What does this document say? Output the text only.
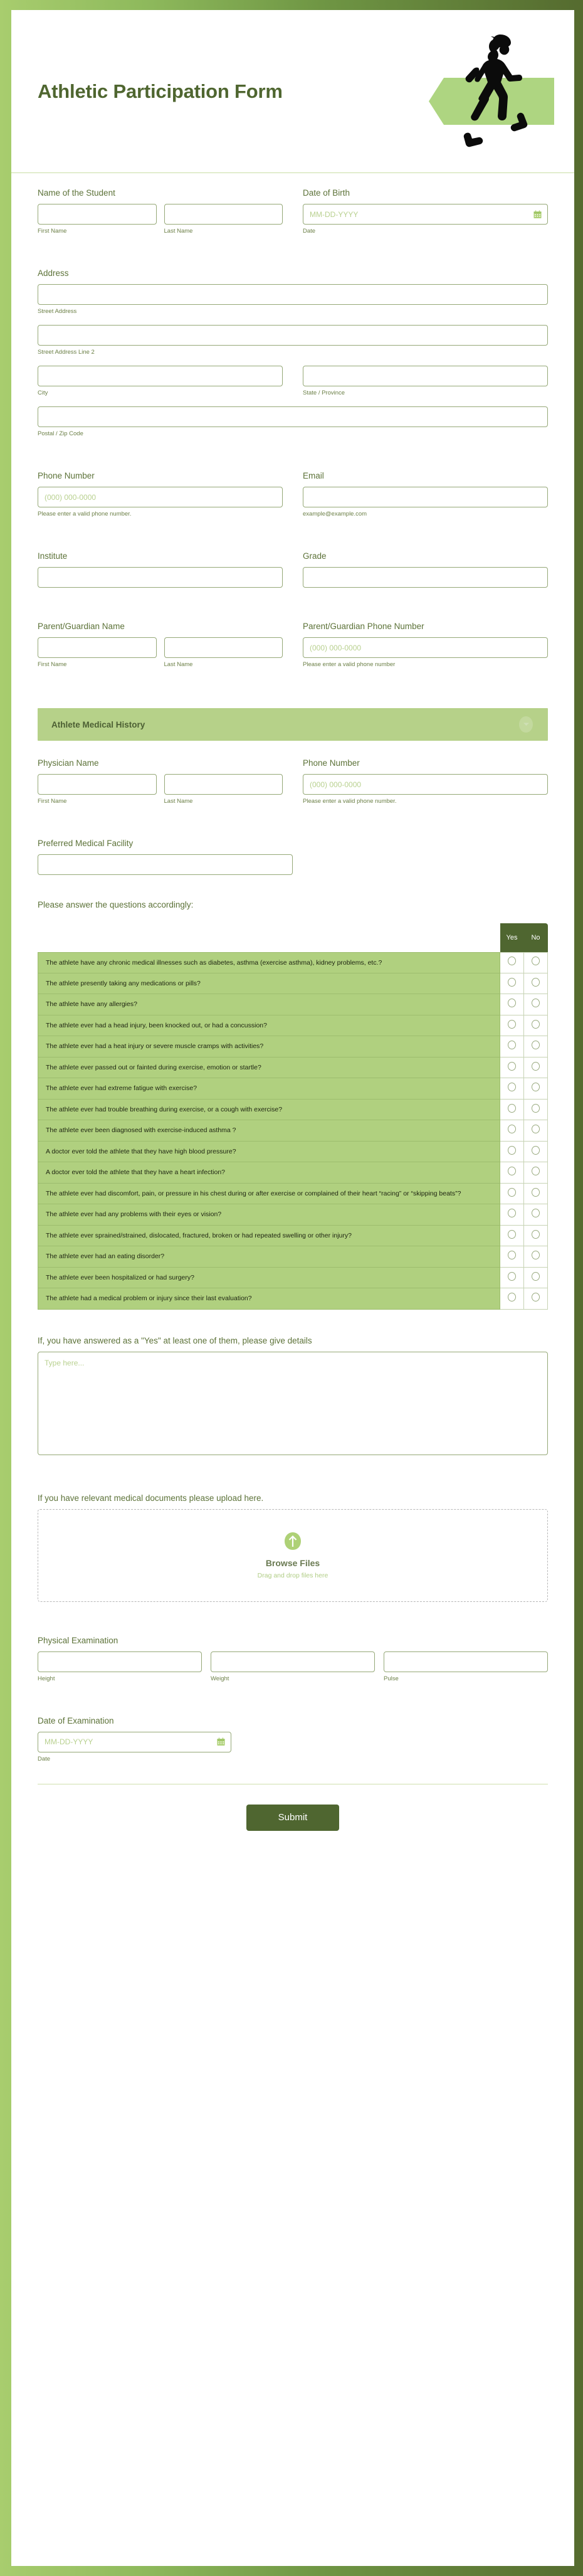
Athletic Participation Form
Name of the Student
First Name	Last Name
Date of Birth
MM-DD-YYYY
Date
Address
Street Address
Street Address Line 2
City	State / Province
Postal / Zip Code
Phone Number
(000) 000-0000
Please enter a valid phone number.
Email
example@example.com
Institute	Grade
Parent/Guardian Name
First Name	Last Name
Parent/Guardian Phone Number
(000) 000-0000
Please enter a valid phone number
Athlete Medical History
Physician Name
First Name	Last Name
Phone Number
(000) 000-0000
Please enter a valid phone number.
Preferred Medical Facility
Please answer the questions accordingly:
	Yes	No
The athlete have any chronic medical illnesses such as diabetes, asthma (exercise asthma), kidney problems, etc.?		
The athlete presently taking any medications or pills?		
The athlete have any allergies?		
The athlete ever had a head injury, been knocked out, or had a concussion?		
The athlete ever had a heat injury or severe muscle cramps with activities?		
The athlete ever passed out or fainted during exercise, emotion or startle?		
The athlete ever had extreme fatigue with exercise?		
The athlete ever had trouble breathing during exercise, or a cough with exercise?		
The athlete ever been diagnosed with exercise-induced asthma ?		
A doctor ever told the athlete that they have high blood pressure?		
A doctor ever told the athlete that they have a heart infection?		
The athlete ever had discomfort, pain, or pressure in his chest during or after exercise or complained of their heart “racing” or “skipping beats”?		
The athlete ever had any problems with their eyes or vision?		
The athlete ever sprained/strained, dislocated, fractured, broken or had repeated swelling or other injury?		
The athlete ever had an eating disorder?		
The athlete ever been hospitalized or had surgery?		
The athlete had a medical problem or injury since their last evaluation?		
If, you have answered as a "Yes" at least one of them, please give details
Type here...
If you have relevant medical documents please upload here.
Browse Files
Drag and drop files here
Physical Examination
Height	Weight	Pulse
Date of Examination
MM-DD-YYYY
Date
Submit
